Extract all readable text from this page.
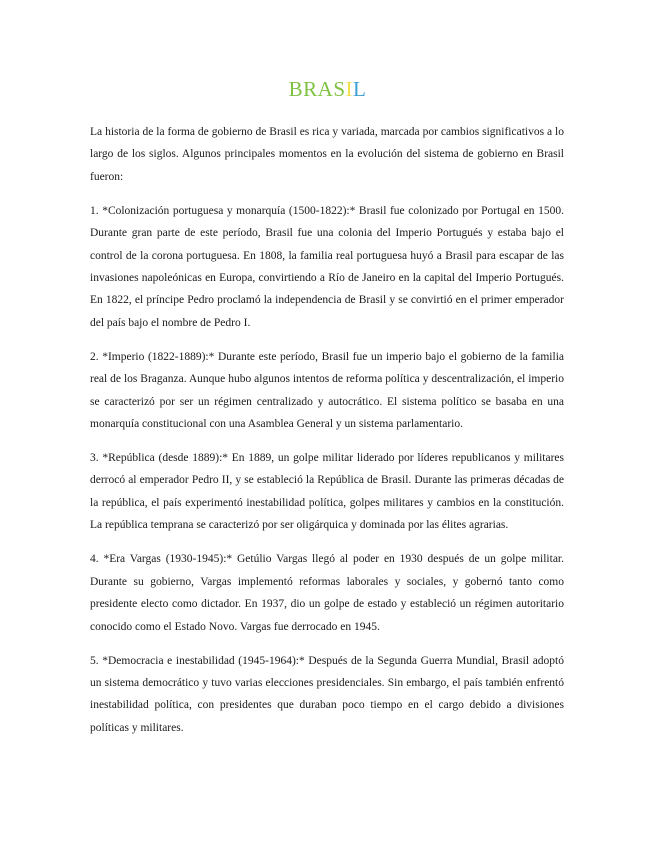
BRASIL

La historia de la forma de gobierno de Brasil es rica y variada, marcada por cambios significativos a lo largo de los siglos. Algunos principales momentos en la evolución del sistema de gobierno en Brasil fueron:

1. *Colonización portuguesa y monarquía (1500-1822):* Brasil fue colonizado por Portugal en 1500. Durante gran parte de este período, Brasil fue una colonia del Imperio Portugués y estaba bajo el control de la corona portuguesa. En 1808, la familia real portuguesa huyó a Brasil para escapar de las invasiones napoleónicas en Europa, convirtiendo a Río de Janeiro en la capital del Imperio Portugués. En 1822, el príncipe Pedro proclamó la independencia de Brasil y se convirtió en el primer emperador del país bajo el nombre de Pedro I.

2. *Imperio (1822-1889):* Durante este período, Brasil fue un imperio bajo el gobierno de la familia real de los Braganza. Aunque hubo algunos intentos de reforma política y descentralización, el imperio se caracterizó por ser un régimen centralizado y autocrático. El sistema político se basaba en una monarquía constitucional con una Asamblea General y un sistema parlamentario.

3. *República (desde 1889):* En 1889, un golpe militar liderado por líderes republicanos y militares derrocó al emperador Pedro II, y se estableció la República de Brasil. Durante las primeras décadas de la república, el país experimentó inestabilidad política, golpes militares y cambios en la constitución. La república temprana se caracterizó por ser oligárquica y dominada por las élites agrarias.

4. *Era Vargas (1930-1945):* Getúlio Vargas llegó al poder en 1930 después de un golpe militar. Durante su gobierno, Vargas implementó reformas laborales y sociales, y gobernó tanto como presidente electo como dictador. En 1937, dio un golpe de estado y estableció un régimen autoritario conocido como el Estado Novo. Vargas fue derrocado en 1945.

5. *Democracia e inestabilidad (1945-1964):* Después de la Segunda Guerra Mundial, Brasil adoptó un sistema democrático y tuvo varias elecciones presidenciales. Sin embargo, el país también enfrentó inestabilidad política, con presidentes que duraban poco tiempo en el cargo debido a divisiones políticas y militares.
